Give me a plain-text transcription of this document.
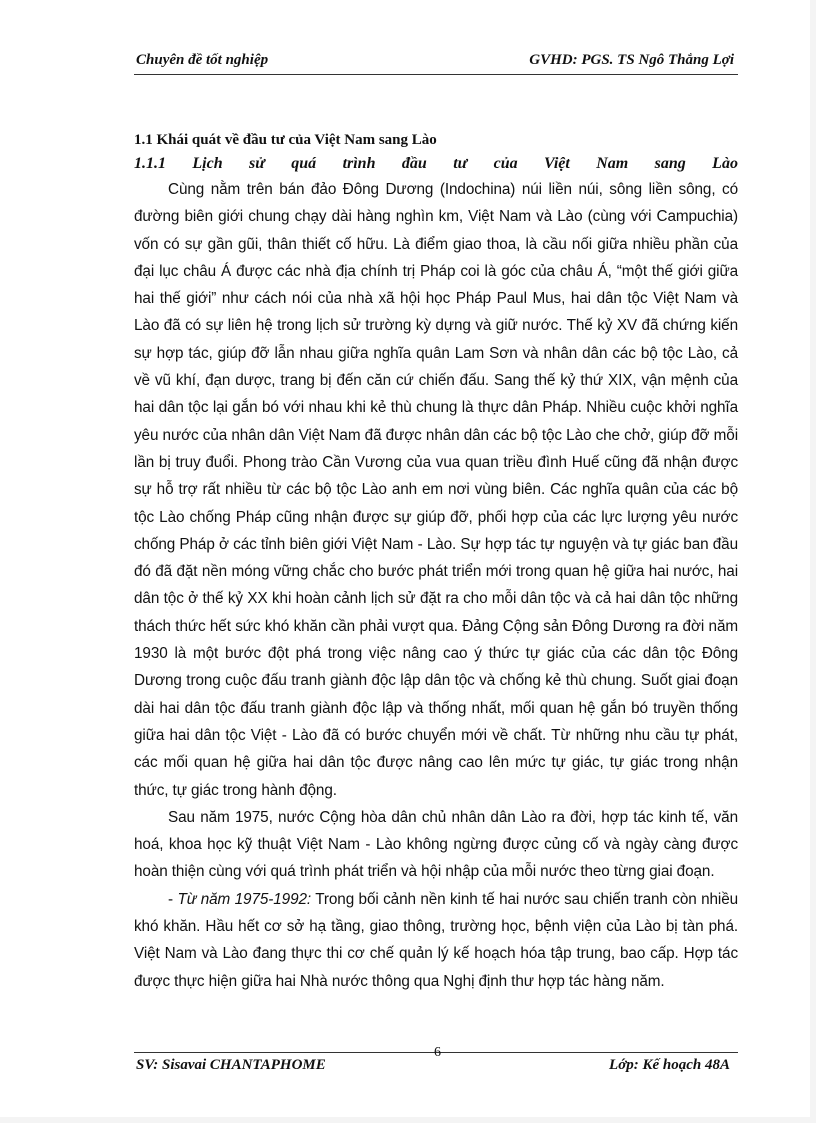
Chuyên đề tốt nghiệp	GVHD: PGS. TS Ngô Thắng Lợi

1.1 Khái quát về đầu tư của Việt Nam sang Lào

1.1.1 Lịch sử quá trình đầu tư của Việt Nam sang Lào

Cùng nằm trên bán đảo Đông Dương (Indochina) núi liền núi, sông liền sông, có đường biên giới chung chạy dài hàng nghìn km, Việt Nam và Lào (cùng với Campuchia) vốn có sự gần gũi, thân thiết cố hữu. Là điểm giao thoa, là cầu nối giữa nhiều phần của đại lục châu Á được các nhà địa chính trị Pháp coi là góc của châu Á, “một thế giới giữa hai thế giới” như cách nói của nhà xã hội học Pháp Paul Mus, hai dân tộc Việt Nam và Lào đã có sự liên hệ trong lịch sử trường kỳ dựng và giữ nước. Thế kỷ XV đã chứng kiến sự hợp tác, giúp đỡ lẫn nhau giữa nghĩa quân Lam Sơn và nhân dân các bộ tộc Lào, cả về vũ khí, đạn dược, trang bị đến căn cứ chiến đấu. Sang thế kỷ thứ XIX, vận mệnh của hai dân tộc lại gắn bó với nhau khi kẻ thù chung là thực dân Pháp. Nhiều cuộc khởi nghĩa yêu nước của nhân dân Việt Nam đã được nhân dân các bộ tộc Lào che chở, giúp đỡ mỗi lần bị truy đuổi. Phong trào Cần Vương của vua quan triều đình Huế cũng đã nhận được sự hỗ trợ rất nhiều từ các bộ tộc Lào anh em nơi vùng biên. Các nghĩa quân của các bộ tộc Lào chống Pháp cũng nhận được sự giúp đỡ, phối hợp của các lực lượng yêu nước chống Pháp ở các tỉnh biên giới Việt Nam - Lào. Sự hợp tác tự nguyện và tự giác ban đầu đó đã đặt nền móng vững chắc cho bước phát triển mới trong quan hệ giữa hai nước, hai dân tộc ở thế kỷ XX khi hoàn cảnh lịch sử đặt ra cho mỗi dân tộc và cả hai dân tộc những thách thức hết sức khó khăn cần phải vượt qua. Đảng Cộng sản Đông Dương ra đời năm 1930 là một bước đột phá trong việc nâng cao ý thức tự giác của các dân tộc Đông Dương trong cuộc đấu tranh giành độc lập dân tộc và chống kẻ thù chung. Suốt giai đoạn dài hai dân tộc đấu tranh giành độc lập và thống nhất, mối quan hệ gắn bó truyền thống giữa hai dân tộc Việt - Lào đã có bước chuyển mới về chất. Từ những nhu cầu tự phát, các mối quan hệ giữa hai dân tộc được nâng cao lên mức tự giác, tự giác trong nhận thức, tự giác trong hành động.

Sau năm 1975, nước Cộng hòa dân chủ nhân dân Lào ra đời, hợp tác kinh tế, văn hoá, khoa học kỹ thuật Việt Nam - Lào không ngừng được củng cố và ngày càng được hoàn thiện cùng với quá trình phát triển và hội nhập của mỗi nước theo từng giai đoạn.

- Từ năm 1975-1992: Trong bối cảnh nền kinh tế hai nước sau chiến tranh còn nhiều khó khăn. Hầu hết cơ sở hạ tầng, giao thông, trường học, bệnh viện của Lào bị tàn phá. Việt Nam và Lào đang thực thi cơ chế quản lý kế hoạch hóa tập trung, bao cấp. Hợp tác được thực hiện giữa hai Nhà nước thông qua Nghị định thư hợp tác hàng năm.

SV: Sisavai CHANTAPHOME
6
Lớp: Kế hoạch 48A
